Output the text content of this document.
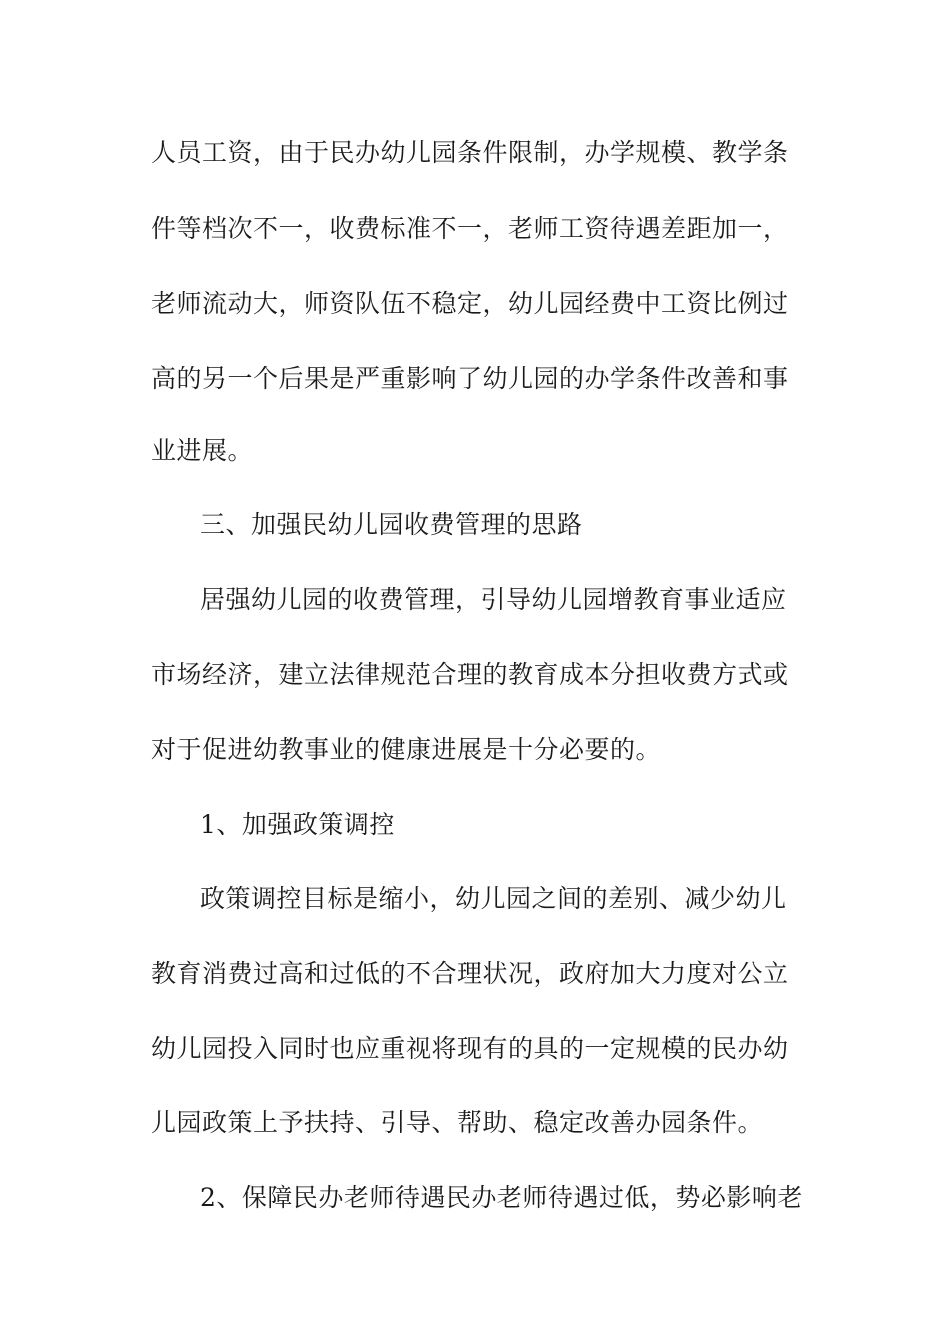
人员工资，由于民办幼儿园条件限制，办学规模、教学条
件等档次不一，收费标准不一，老师工资待遇差距加一，
老师流动大，师资队伍不稳定，幼儿园经费中工资比例过
高的另一个后果是严重影响了幼儿园的办学条件改善和事
业进展。
三、加强民幼儿园收费管理的思路
居强幼儿园的收费管理，引导幼儿园增教育事业适应
市场经济，建立法律规范合理的教育成本分担收费方式或
对于促进幼教事业的健康进展是十分必要的。
1、加强政策调控
政策调控目标是缩小，幼儿园之间的差别、减少幼儿
教育消费过高和过低的不合理状况，政府加大力度对公立
幼儿园投入同时也应重视将现有的具的一定规模的民办幼
儿园政策上予扶持、引导、帮助、稳定改善办园条件。
2、保障民办老师待遇民办老师待遇过低，势必影响老
